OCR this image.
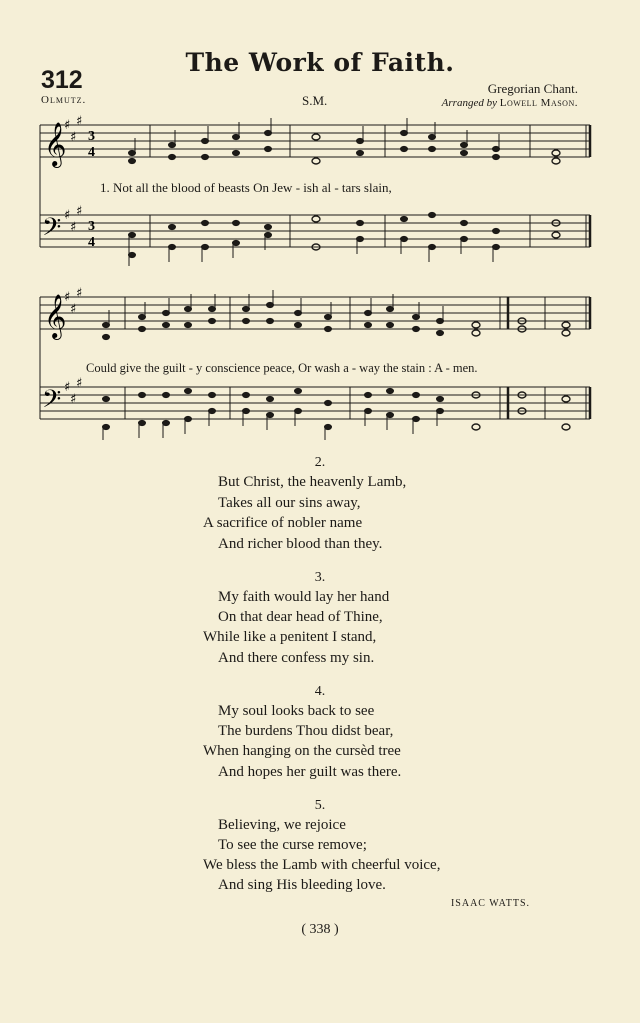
The Work of Faith.
312
Olmutz.	S.M.
Gregorian Chant.
Arranged by Lowell Mason.
𝄞
𝄢
♯
♯
♯
♯
♯
♯
3
4
3
4
1. Not all the blood of beasts On Jew - ish al - tars slain,
𝄞
𝄢
♯
♯
♯
♯
♯
♯
Could give the guilt - y conscience peace, Or wash a - way the stain : A - men.
2.
But Christ, the heavenly Lamb,
Takes all our sins away,
A sacrifice of nobler name
And richer blood than they.
3.
My faith would lay her hand
On that dear head of Thine,
While like a penitent I stand,
And there confess my sin.
4.
My soul looks back to see
The burdens Thou didst bear,
When hanging on the cursèd tree
And hopes her guilt was there.
5.
Believing, we rejoice
To see the curse remove;
We bless the Lamb with cheerful voice,
And sing His bleeding love.
ISAAC WATTS.
( 338 )
